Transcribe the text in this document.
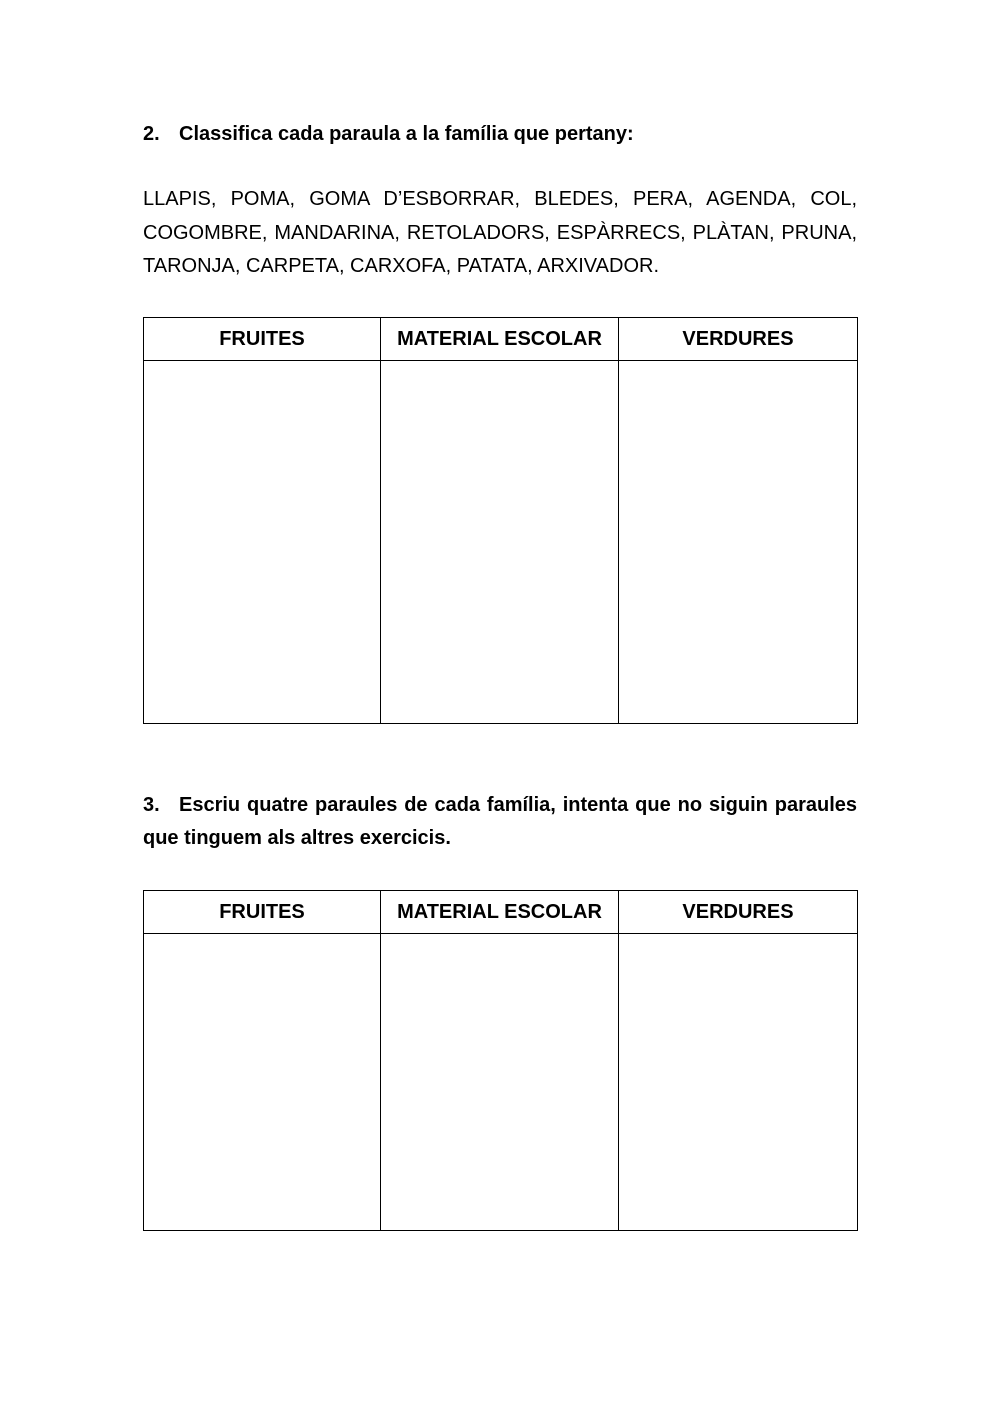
2. Classifica cada paraula a la família que pertany:

LLAPIS, POMA, GOMA D’ESBORRAR, BLEDES, PERA, AGENDA, COL, COGOMBRE, MANDARINA, RETOLADORS, ESPÀRRECS, PLÀTAN, PRUNA, TARONJA, CARPETA, CARXOFA, PATATA, ARXIVADOR.

FRUITES	MATERIAL ESCOLAR	VERDURES

3. Escriu quatre paraules de cada família, intenta que no siguin paraules que tinguem als altres exercicis.

FRUITES	MATERIAL ESCOLAR	VERDURES
